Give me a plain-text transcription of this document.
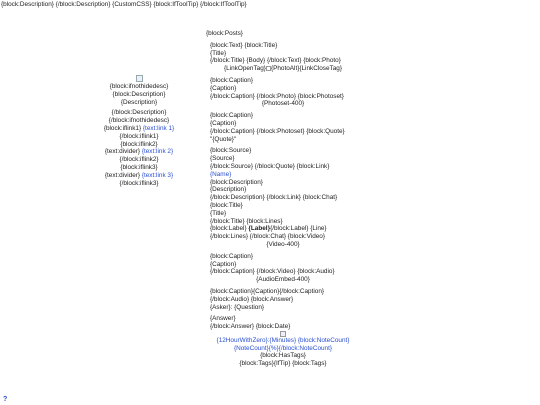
{block:Description} {/block:Description} {CustomCSS} {block:IfToolTip} {/block:IfToolTip}
{block:ifnothidedesc}
{block:Description}
{Description}
{/block:Description}
{/block:ifnothidedesc}
{block:iflink1} {text:link 1} {/block:iflink1}
{block:iflink2}
{text:divider} {text:link 2}
{/block:iflink2}
{block:iflink3}
{text:divider} {text:link 3}
{/block:iflink3}
{block:Posts}
{block:Text} {block:Title}
{Title}
{/block:Title} {Body} {/block:Text} {block:Photo}
{LinkOpenTag} {PhotoAlt}{LinkCloseTag}
{block:Caption}
{Caption}
{/block:Caption} {/block:Photo} {block:Photoset}
{Photoset-400}
{block:Caption}
{Caption}
{/block:Caption} {/block:Photoset} {block:Quote}
"{Quote}"
{block:Source}
{Source}
{/block:Source} {/block:Quote} {block:Link}
{Name}
{block:Description}
{Description}
{/block:Description} {/block:Link} {block:Chat}
{block:Title}
{Title}
{/block:Title} {block:Lines}
{block:Label} {Label}{/block:Label} {Line}
{/block:Lines} {/block:Chat} {block:Video}
{Video-400}
{block:Caption}
{Caption}
{/block:Caption} {/block:Video} {block:Audio}
{AudioEmbed-400}
{block:Caption}{Caption}{/block:Caption}
{/block:Audio} {block:Answer}
{Asker}: {Question}
{Answer}
{/block:Answer} {block:Date}
{12HourWithZero}:{Minutes} {block:NoteCount}
{NoteCount}{%}{/block:NoteCount}
{block:HasTags}
{block:Tags}{IfTip} {block:Tags}
?
